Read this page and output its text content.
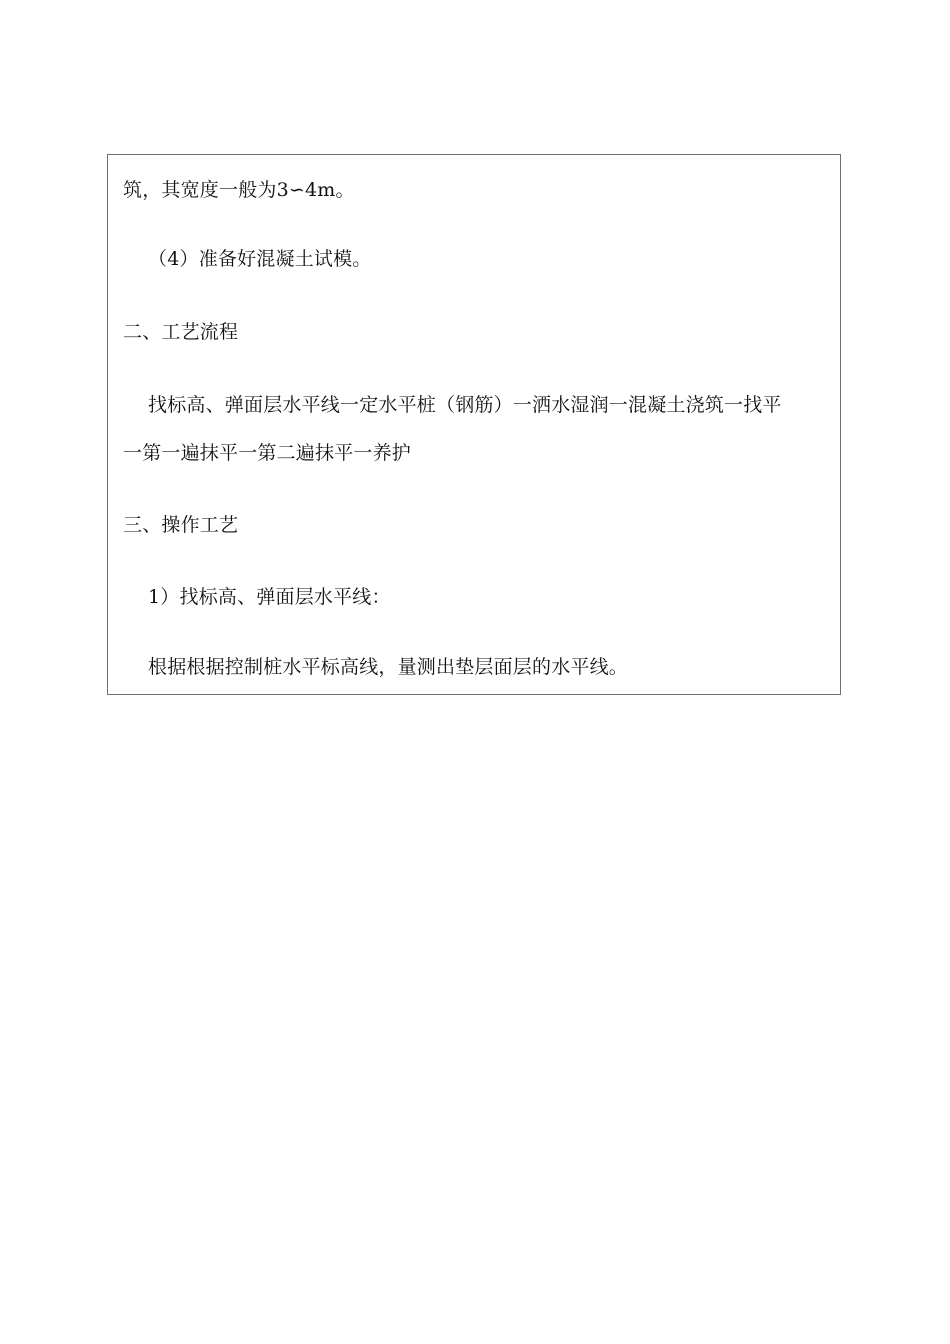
筑，其宽度一般为3∽4m。
（4）准备好混凝土试模。
二、工艺流程
找标高、弹面层水平线一定水平桩（钢筋）一洒水湿润一混凝土浇筑一找平
一第一遍抹平一第二遍抹平一养护
三、操作工艺
1）找标高、弹面层水平线：
根据根据控制桩水平标高线，量测出垫层面层的水平线。
